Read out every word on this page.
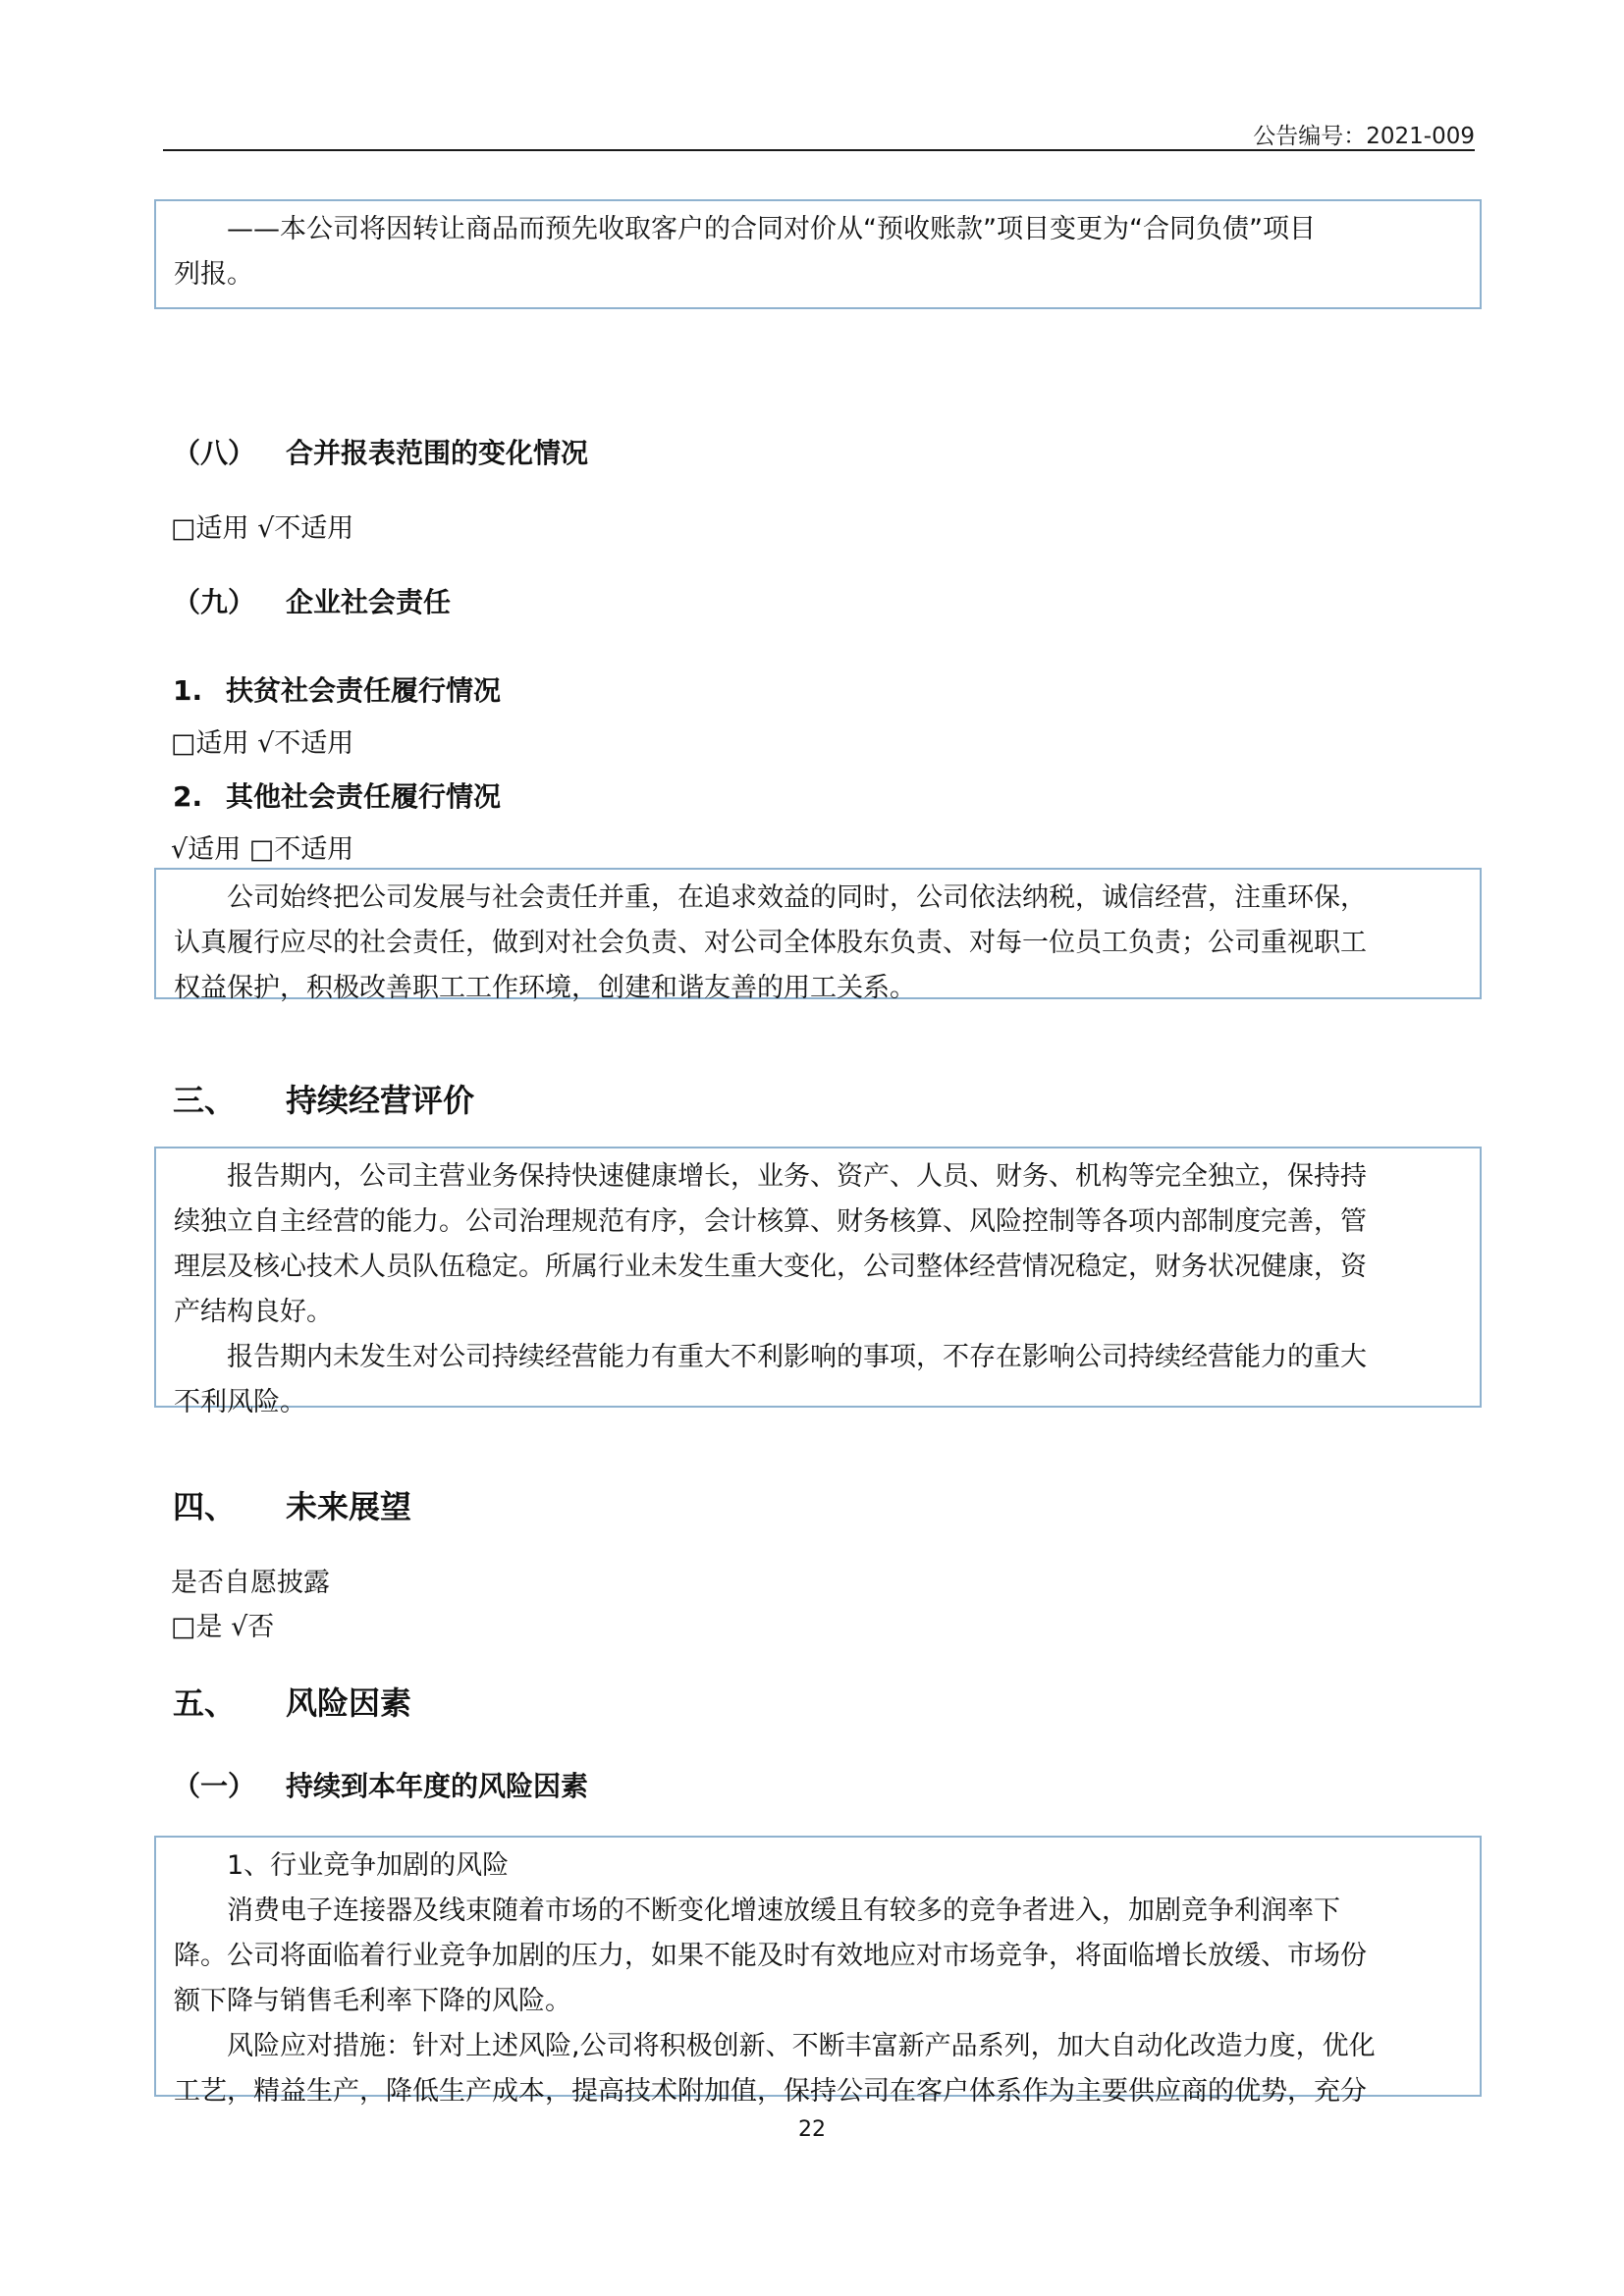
公告编号：2021-009

——本公司将因转让商品而预先收取客户的合同对价从“预收账款”项目变更为“合同负债”项目

列报。

（八） 合并报表范围的变化情况
□适用 √不适用
（九） 企业社会责任
1. 扶贫社会责任履行情况
□适用 √不适用
2. 其他社会责任履行情况
√适用 □不适用

公司始终把公司发展与社会责任并重，在追求效益的同时，公司依法纳税，诚信经营，注重环保，

认真履行应尽的社会责任，做到对社会负责、对公司全体股东负责、对每一位员工负责；公司重视职工

权益保护，积极改善职工工作环境，创建和谐友善的用工关系。

三、 持续经营评价

报告期内，公司主营业务保持快速健康增长，业务、资产、人员、财务、机构等完全独立，保持持

续独立自主经营的能力。公司治理规范有序，会计核算、财务核算、风险控制等各项内部制度完善，管

理层及核心技术人员队伍稳定。所属行业未发生重大变化，公司整体经营情况稳定，财务状况健康，资

产结构良好。

报告期内未发生对公司持续经营能力有重大不利影响的事项，不存在影响公司持续经营能力的重大

不利风险。

四、 未来展望
是否自愿披露
□是 √否
五、 风险因素
（一） 持续到本年度的风险因素

1、行业竞争加剧的风险

消费电子连接器及线束随着市场的不断变化增速放缓且有较多的竞争者进入，加剧竞争利润率下

降。公司将面临着行业竞争加剧的压力，如果不能及时有效地应对市场竞争，将面临增长放缓、市场份

额下降与销售毛利率下降的风险。

风险应对措施：针对上述风险,公司将积极创新、不断丰富新产品系列，加大自动化改造力度，优化

工艺，精益生产，降低生产成本，提高技术附加值，保持公司在客户体系作为主要供应商的优势，充分

22
